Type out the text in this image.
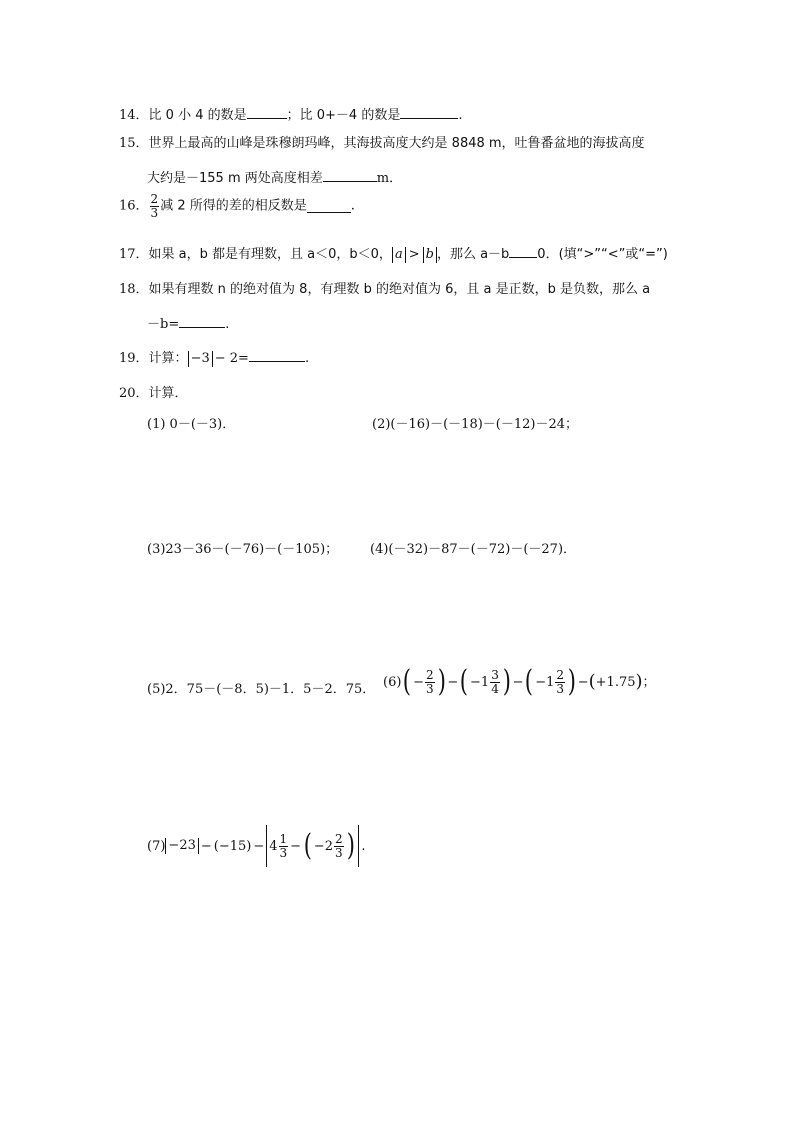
14．比 0 小 4 的数是	；比 0+－4 的数是	.
15．世界上最高的山峰是珠穆朗玛峰，其海拔高度大约是 8848 m，吐鲁番盆地的海拔高度
大约是－155 m 两处高度相差	m．
16． $\frac{2}{3}$ 减 2 所得的差的相反数是	.
17．如果 a，b 都是有理数，且 a＜0，b＜0， a > b ，那么 a－b 0．(填“>”“<”或“=”)
18．如果有理数 n 的绝对值为 8，有理数 b 的绝对值为 6，且 a 是正数，b 是负数，那么 a
－b=	.
19．计算： −3 − 2=	.
20．计算．
(1) 0－(－3)．	(2)(－16)－(－18)－(－12)－24；
(3)23－36－(－76)－(－105)； (4)(－32)－87－(－72)－(－27)．
(5)2．75－(－8．5)－1．5－2．75． (6) ( − $\frac{2}{3}$ ) − ( $-1 \frac{3}{4}$ ) − ( $-1 \frac{2}{3}$ ) − ( +1.75 ) ；
$(7) -23 - (-15) - 4 \frac{1}{3}$ − ( $-2 \frac{2}{3}$ ) .
